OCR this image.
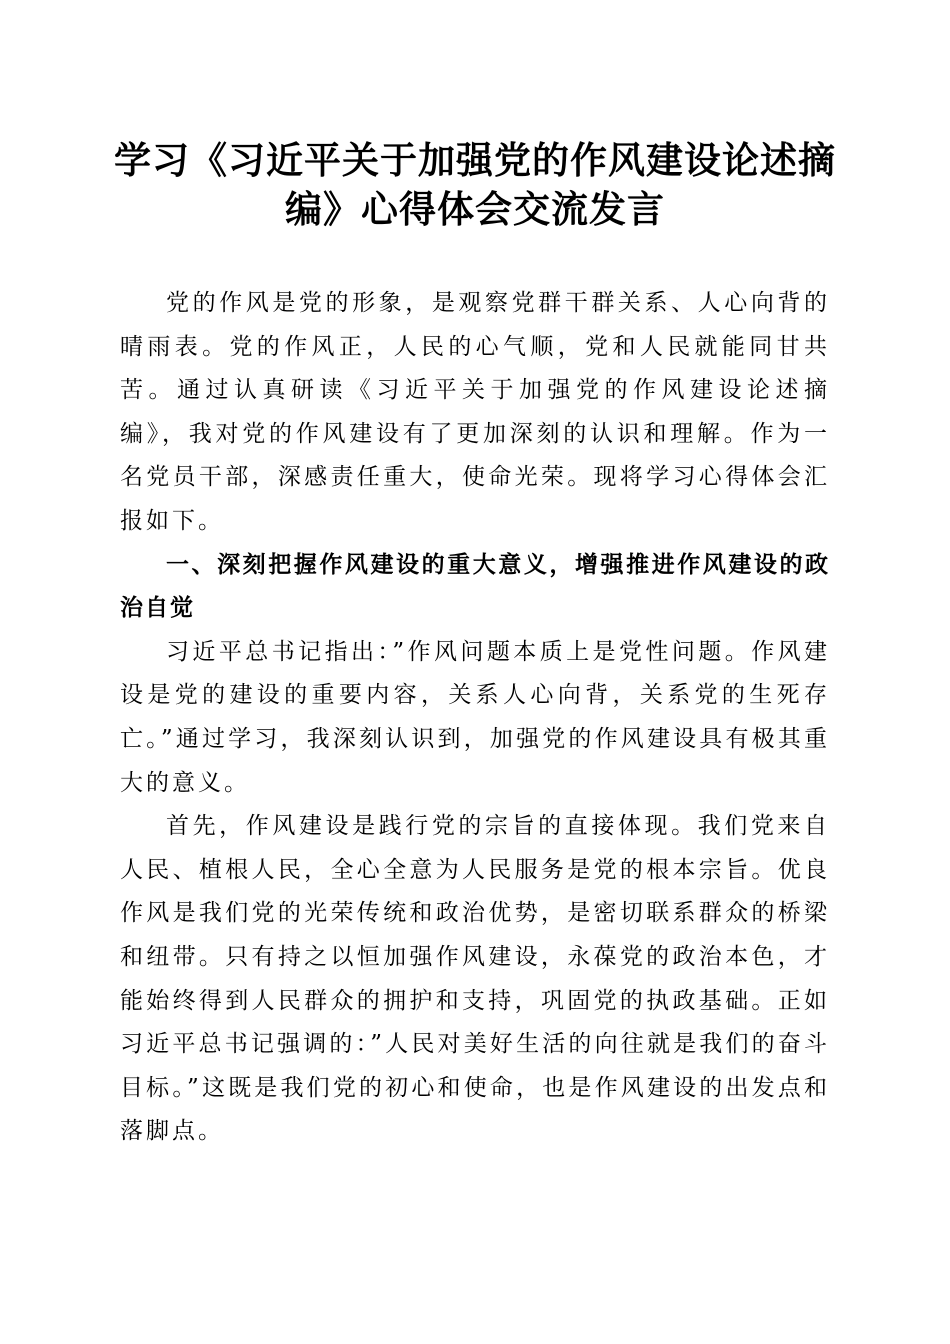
学习《习近平关于加强党的作风建设论述摘
编》心得体会交流发言

党的作风是党的形象，是观察党群干群关系、人心向背的晴雨表。党的作风正，人民的心气顺，党和人民就能同甘共苦。通过认真研读《习近平关于加强党的作风建设论述摘编》，我对党的作风建设有了更加深刻的认识和理解。作为一名党员干部，深感责任重大，使命光荣。现将学习心得体会汇报如下。

一、深刻把握作风建设的重大意义，增强推进作风建设的政治自觉

习近平总书记指出：”作风问题本质上是党性问题。作风建设是党的建设的重要内容，关系人心向背，关系党的生死存亡。”通过学习，我深刻认识到，加强党的作风建设具有极其重大的意义。

首先，作风建设是践行党的宗旨的直接体现。我们党来自人民、植根人民，全心全意为人民服务是党的根本宗旨。优良作风是我们党的光荣传统和政治优势，是密切联系群众的桥梁和纽带。只有持之以恒加强作风建设，永葆党的政治本色，才能始终得到人民群众的拥护和支持，巩固党的执政基础。正如习近平总书记强调的：”人民对美好生活的向往就是我们的奋斗目标。”这既是我们党的初心和使命，也是作风建设的出发点和落脚点。
